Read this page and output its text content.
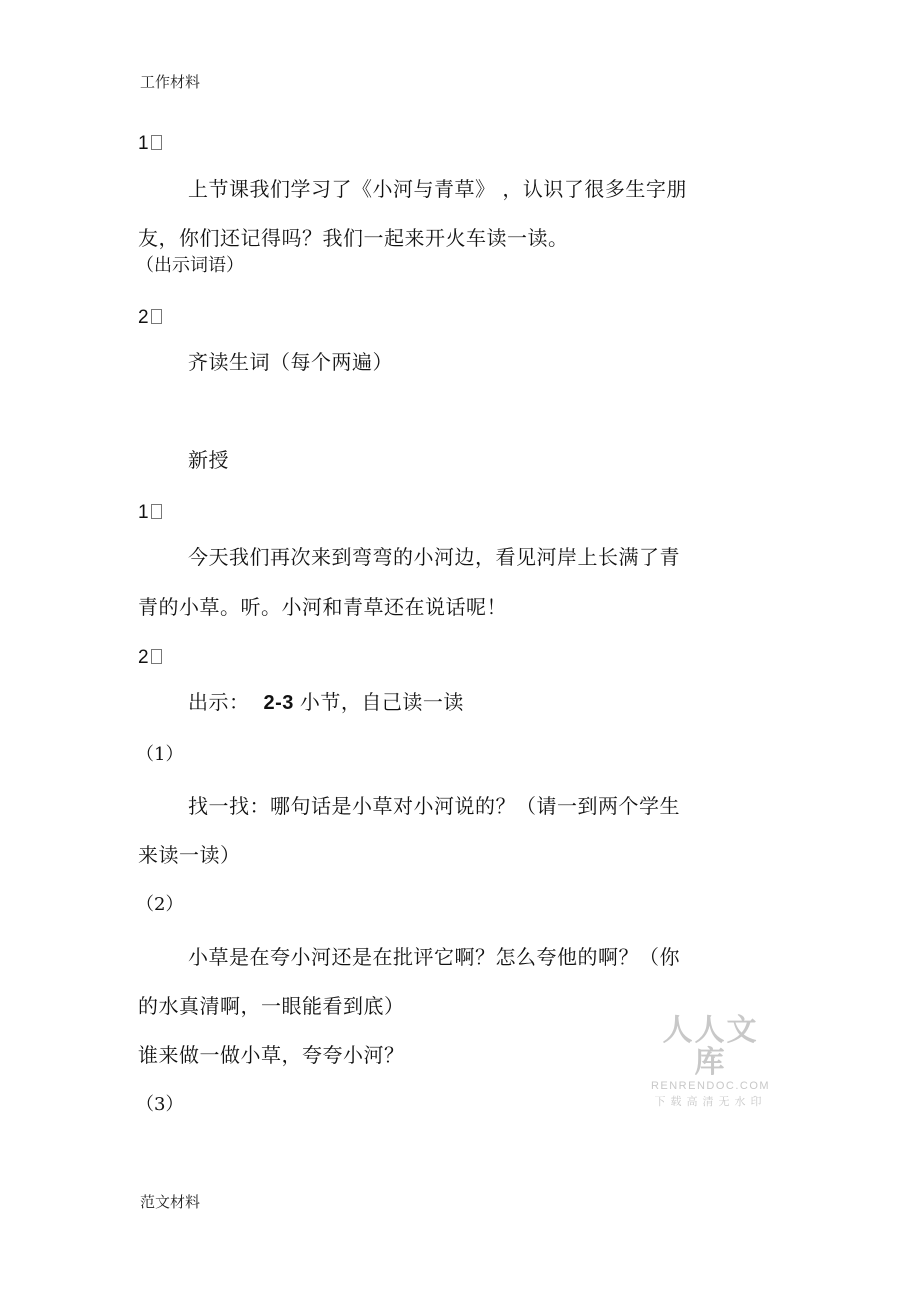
工作材料
1
上节课我们学习了《小河与青草》 ，认识了很多生字朋
友，你们还记得吗？我们一起来开火车读一读。
（出示词语）
2
齐读生词（每个两遍）
新授
1
今天我们再次来到弯弯的小河边，看见河岸上长满了青
青的小草。听。小河和青草还在说话呢！
2
出示： 2-3 小节，自己读一读
（1）
找一找：哪句话是小草对小河说的？（请一到两个学生
来读一读）
（2）
小草是在夸小河还是在批评它啊？怎么夸他的啊？（你
的水真清啊，一眼能看到底）
谁来做一做小草，夸夸小河？
（3）
人人文库
RENRENDOC.COM
下载高清无水印
范文材料
